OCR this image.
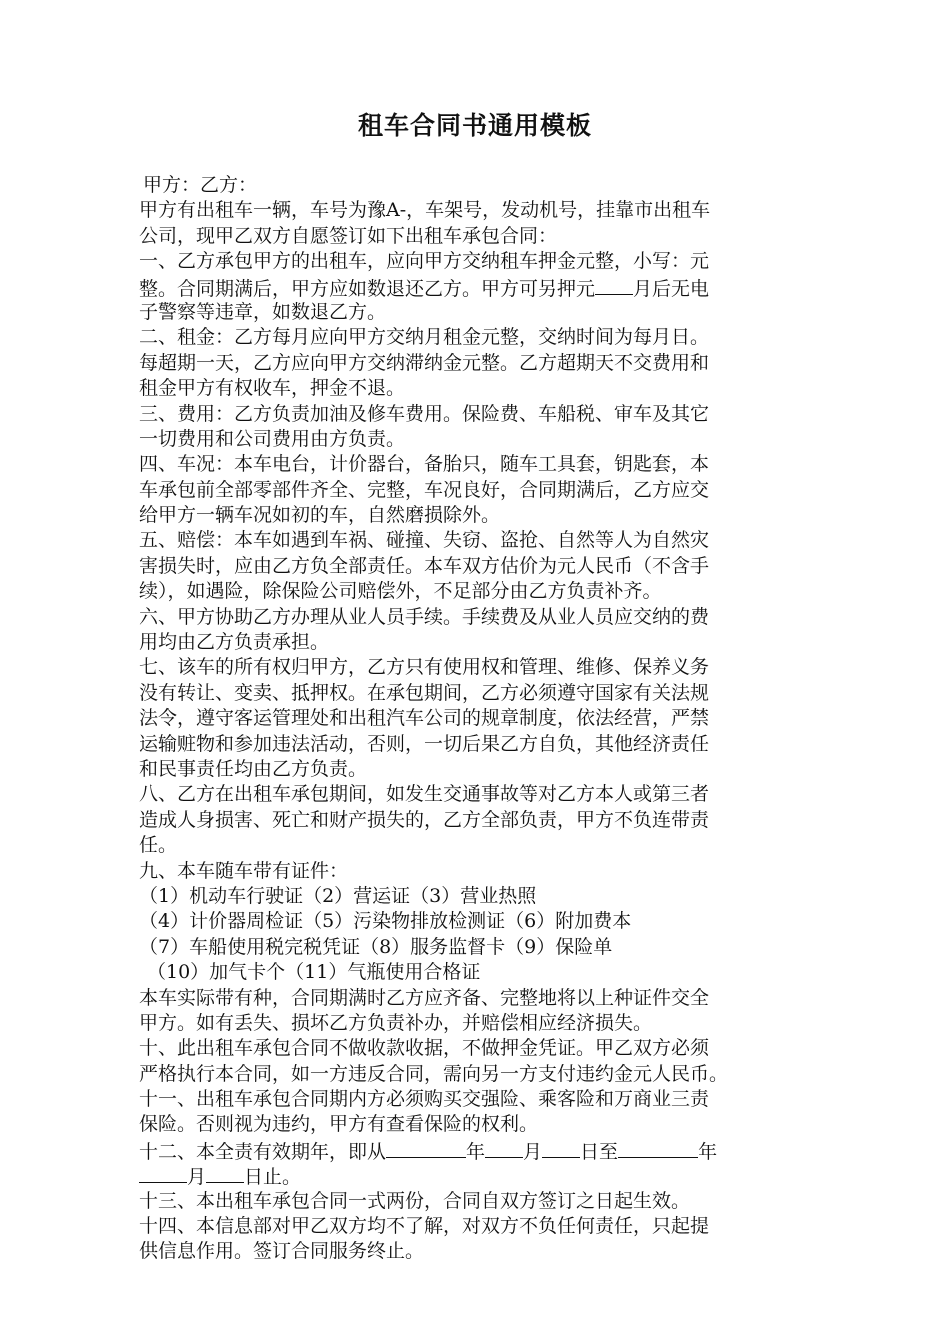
租车合同书通用模板
甲方：乙方：
甲方有出租车一辆，车号为豫A-，车架号，发动机号，挂靠市出租车
公司，现甲乙双方自愿签订如下出租车承包合同：
一、乙方承包甲方的出租车，应向甲方交纳租车押金元整，小写：元
整。合同期满后，甲方应如数退还乙方。甲方可另押元 月后无电
子警察等违章，如数退乙方。
二、租金：乙方每月应向甲方交纳月租金元整，交纳时间为每月日。
每超期一天，乙方应向甲方交纳滞纳金元整。乙方超期天不交费用和
租金甲方有权收车，押金不退。
三、费用：乙方负责加油及修车费用。保险费、车船税、审车及其它
一切费用和公司费用由方负责。
四、车况：本车电台，计价器台，备胎只，随车工具套，钥匙套，本
车承包前全部零部件齐全、完整，车况良好，合同期满后，乙方应交
给甲方一辆车况如初的车，自然磨损除外。
五、赔偿：本车如遇到车祸、碰撞、失窃、盗抢、自然等人为自然灾
害损失时，应由乙方负全部责任。本车双方估价为元人民币（不含手
续），如遇险，除保险公司赔偿外，不足部分由乙方负责补齐。
六、甲方协助乙方办理从业人员手续。手续费及从业人员应交纳的费
用均由乙方负责承担。
七、该车的所有权归甲方，乙方只有使用权和管理、维修、保养义务
没有转让、变卖、抵押权。在承包期间，乙方必须遵守国家有关法规
法令，遵守客运管理处和出租汽车公司的规章制度，依法经营，严禁
运输赃物和参加违法活动，否则，一切后果乙方自负，其他经济责任
和民事责任均由乙方负责。
八、乙方在出租车承包期间，如发生交通事故等对乙方本人或第三者
造成人身损害、死亡和财产损失的，乙方全部负责，甲方不负连带责
任。
九、本车随车带有证件：
（1）机动车行驶证（2）营运证（3）营业热照
（4）计价器周检证（5）污染物排放检测证（6）附加费本
（7）车船使用税完税凭证（8）服务监督卡（9）保险单
（10）加气卡个（11）气瓶使用合格证
本车实际带有种，合同期满时乙方应齐备、完整地将以上种证件交全
甲方。如有丢失、损坏乙方负责补办，并赔偿相应经济损失。
十、此出租车承包合同不做收款收据，不做押金凭证。甲乙双方必须
严格执行本合同，如一方违反合同，需向另一方支付违约金元人民币。
十一、出租车承包合同期内方必须购买交强险、乘客险和万商业三责
保险。否则视为违约，甲方有查看保险的权利。
十二、本全责有效期年，即从	年 月 日至	年
月 日止。
十三、本出租车承包合同一式两份，合同自双方签订之日起生效。
十四、本信息部对甲乙双方均不了解，对双方不负任何责任，只起提
供信息作用。签订合同服务终止。
